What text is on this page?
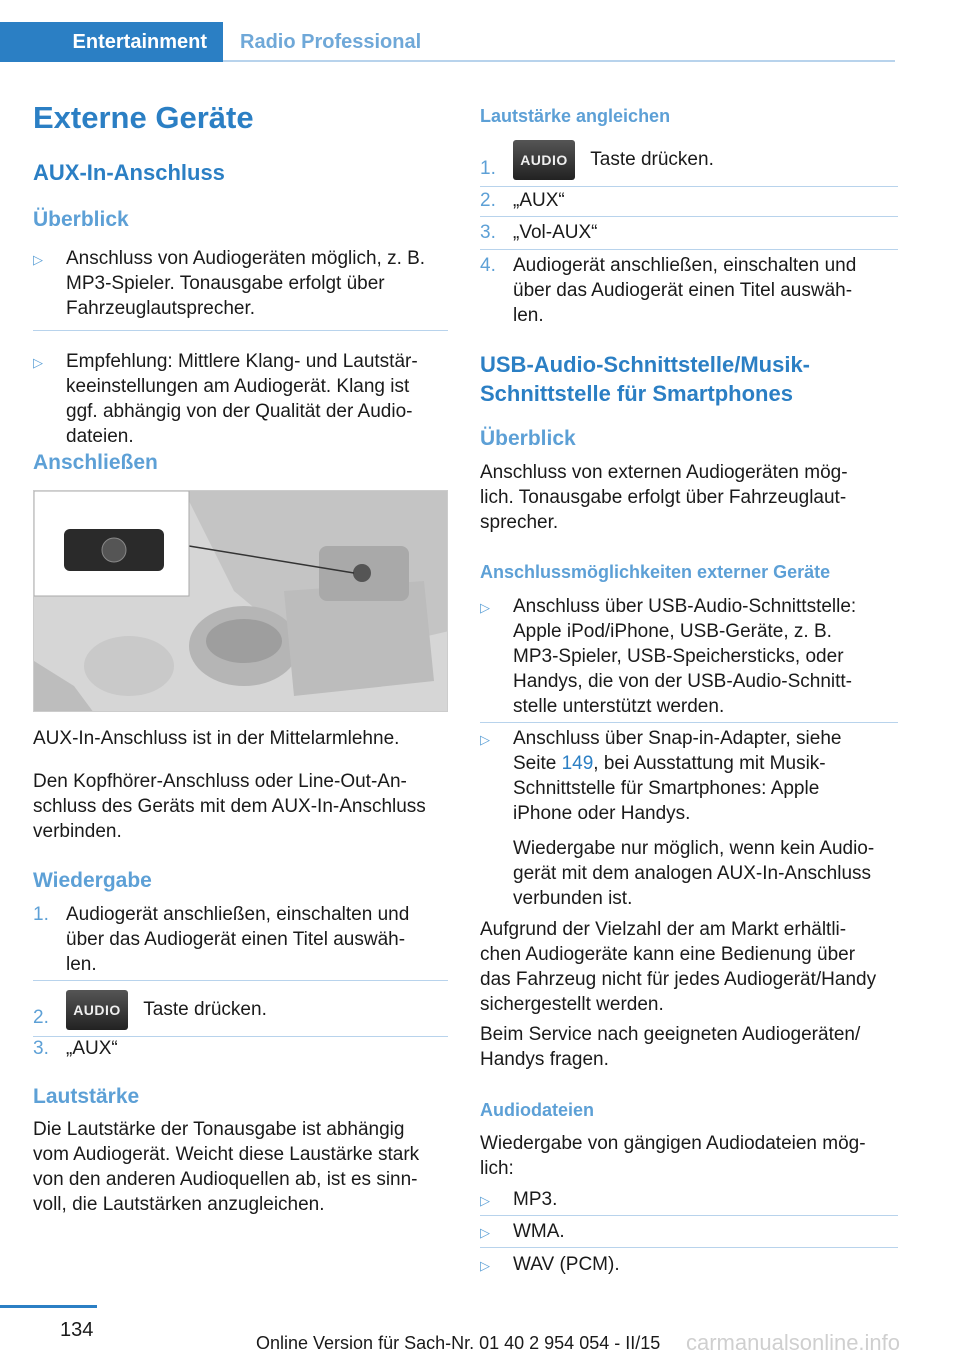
Entertainment	Radio Professional
Externe Geräte
AUX-In-Anschluss
Überblick
▷ Anschluss von Audiogeräten möglich, z. B.
MP3-Spieler. Tonausgabe erfolgt über
Fahrzeuglautsprecher.
▷ Empfehlung: Mittlere Klang- und Lautstär‐
keeinstellungen am Audiogerät. Klang ist
ggf. abhängig von der Qualität der Audio‐
dateien.
Anschließen
AUX-In-Anschluss ist in der Mittelarmlehne.
Den Kopfhörer-Anschluss oder Line-Out-An‐
schluss des Geräts mit dem AUX-In-Anschluss
verbinden.
Wiedergabe
1. Audiogerät anschließen, einschalten und
über das Audiogerät einen Titel auswäh‐
len.
2.	AUDIO Taste drücken.
3. „AUX“
Lautstärke
Die Lautstärke der Tonausgabe ist abhängig
vom Audiogerät. Weicht diese Laustärke stark
von den anderen Audioquellen ab, ist es sinn‐
voll, die Lautstärken anzugleichen.
Lautstärke angleichen
1.	AUDIO Taste drücken.
2. „AUX“
3. „Vol-AUX“
4. Audiogerät anschließen, einschalten und
über das Audiogerät einen Titel auswäh‐
len.
USB-Audio-Schnittstelle/Musik-
Schnittstelle für Smartphones
Überblick
Anschluss von externen Audiogeräten mög‐
lich. Tonausgabe erfolgt über Fahrzeuglaut‐
sprecher.
Anschlussmöglichkeiten externer Geräte
▷ Anschluss über USB-Audio-Schnittstelle:
Apple iPod/iPhone, USB-Geräte, z. B.
MP3-Spieler, USB-Speichersticks, oder
Handys, die von der USB-Audio-Schnitt‐
stelle unterstützt werden.
▷ Anschluss über Snap-in-Adapter, siehe
Seite 149, bei Ausstattung mit Musik-
Schnittstelle für Smartphones: Apple
iPhone oder Handys.
Wiedergabe nur möglich, wenn kein Audio‐
gerät mit dem analogen AUX-In-Anschluss
verbunden ist.
Aufgrund der Vielzahl der am Markt erhältli‐
chen Audiogeräte kann eine Bedienung über
das Fahrzeug nicht für jedes Audiogerät/Handy
sichergestellt werden.
Beim Service nach geeigneten Audiogeräten/
Handys fragen.
Audiodateien
Wiedergabe von gängigen Audiodateien mög‐
lich:
▷ MP3.
▷ WMA.
▷ WAV (PCM).
134
Online Version für Sach-Nr. 01 40 2 954 054 - II/15 carmanualsonline.info
